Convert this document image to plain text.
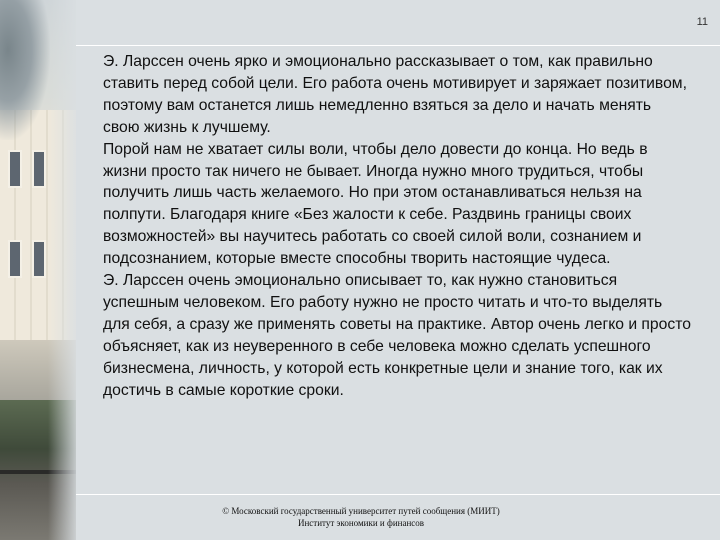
11

Э. Ларссен очень ярко и эмоционально рассказывает о том, как правильно ставить перед собой цели. Его работа очень мотивирует и заряжает позитивом, поэтому вам останется лишь немедленно взяться за дело и начать менять свою жизнь к лучшему.

Порой нам не хватает силы воли, чтобы дело довести до конца. Но ведь в жизни просто так ничего не бывает. Иногда нужно много трудиться, чтобы получить лишь часть желаемого. Но при этом останавливаться нельзя на полпути. Благодаря книге «Без жалости к себе. Раздвинь границы своих возможностей» вы научитесь работать со своей силой воли, сознанием и подсознанием, которые вместе способны творить настоящие чудеса.

Э. Ларссен очень эмоционально описывает то, как нужно становиться успешным человеком. Его работу нужно не просто читать и что-то выделять для себя, а сразу же применять советы на практике. Автор очень легко и просто объясняет, как из неуверенного в себе человека можно сделать успешного бизнесмена, личность, у которой есть конкретные цели и знание того, как их достичь в самые короткие сроки.

© Московский государственный университет путей сообщения (МИИТ)
Институт экономики и финансов
